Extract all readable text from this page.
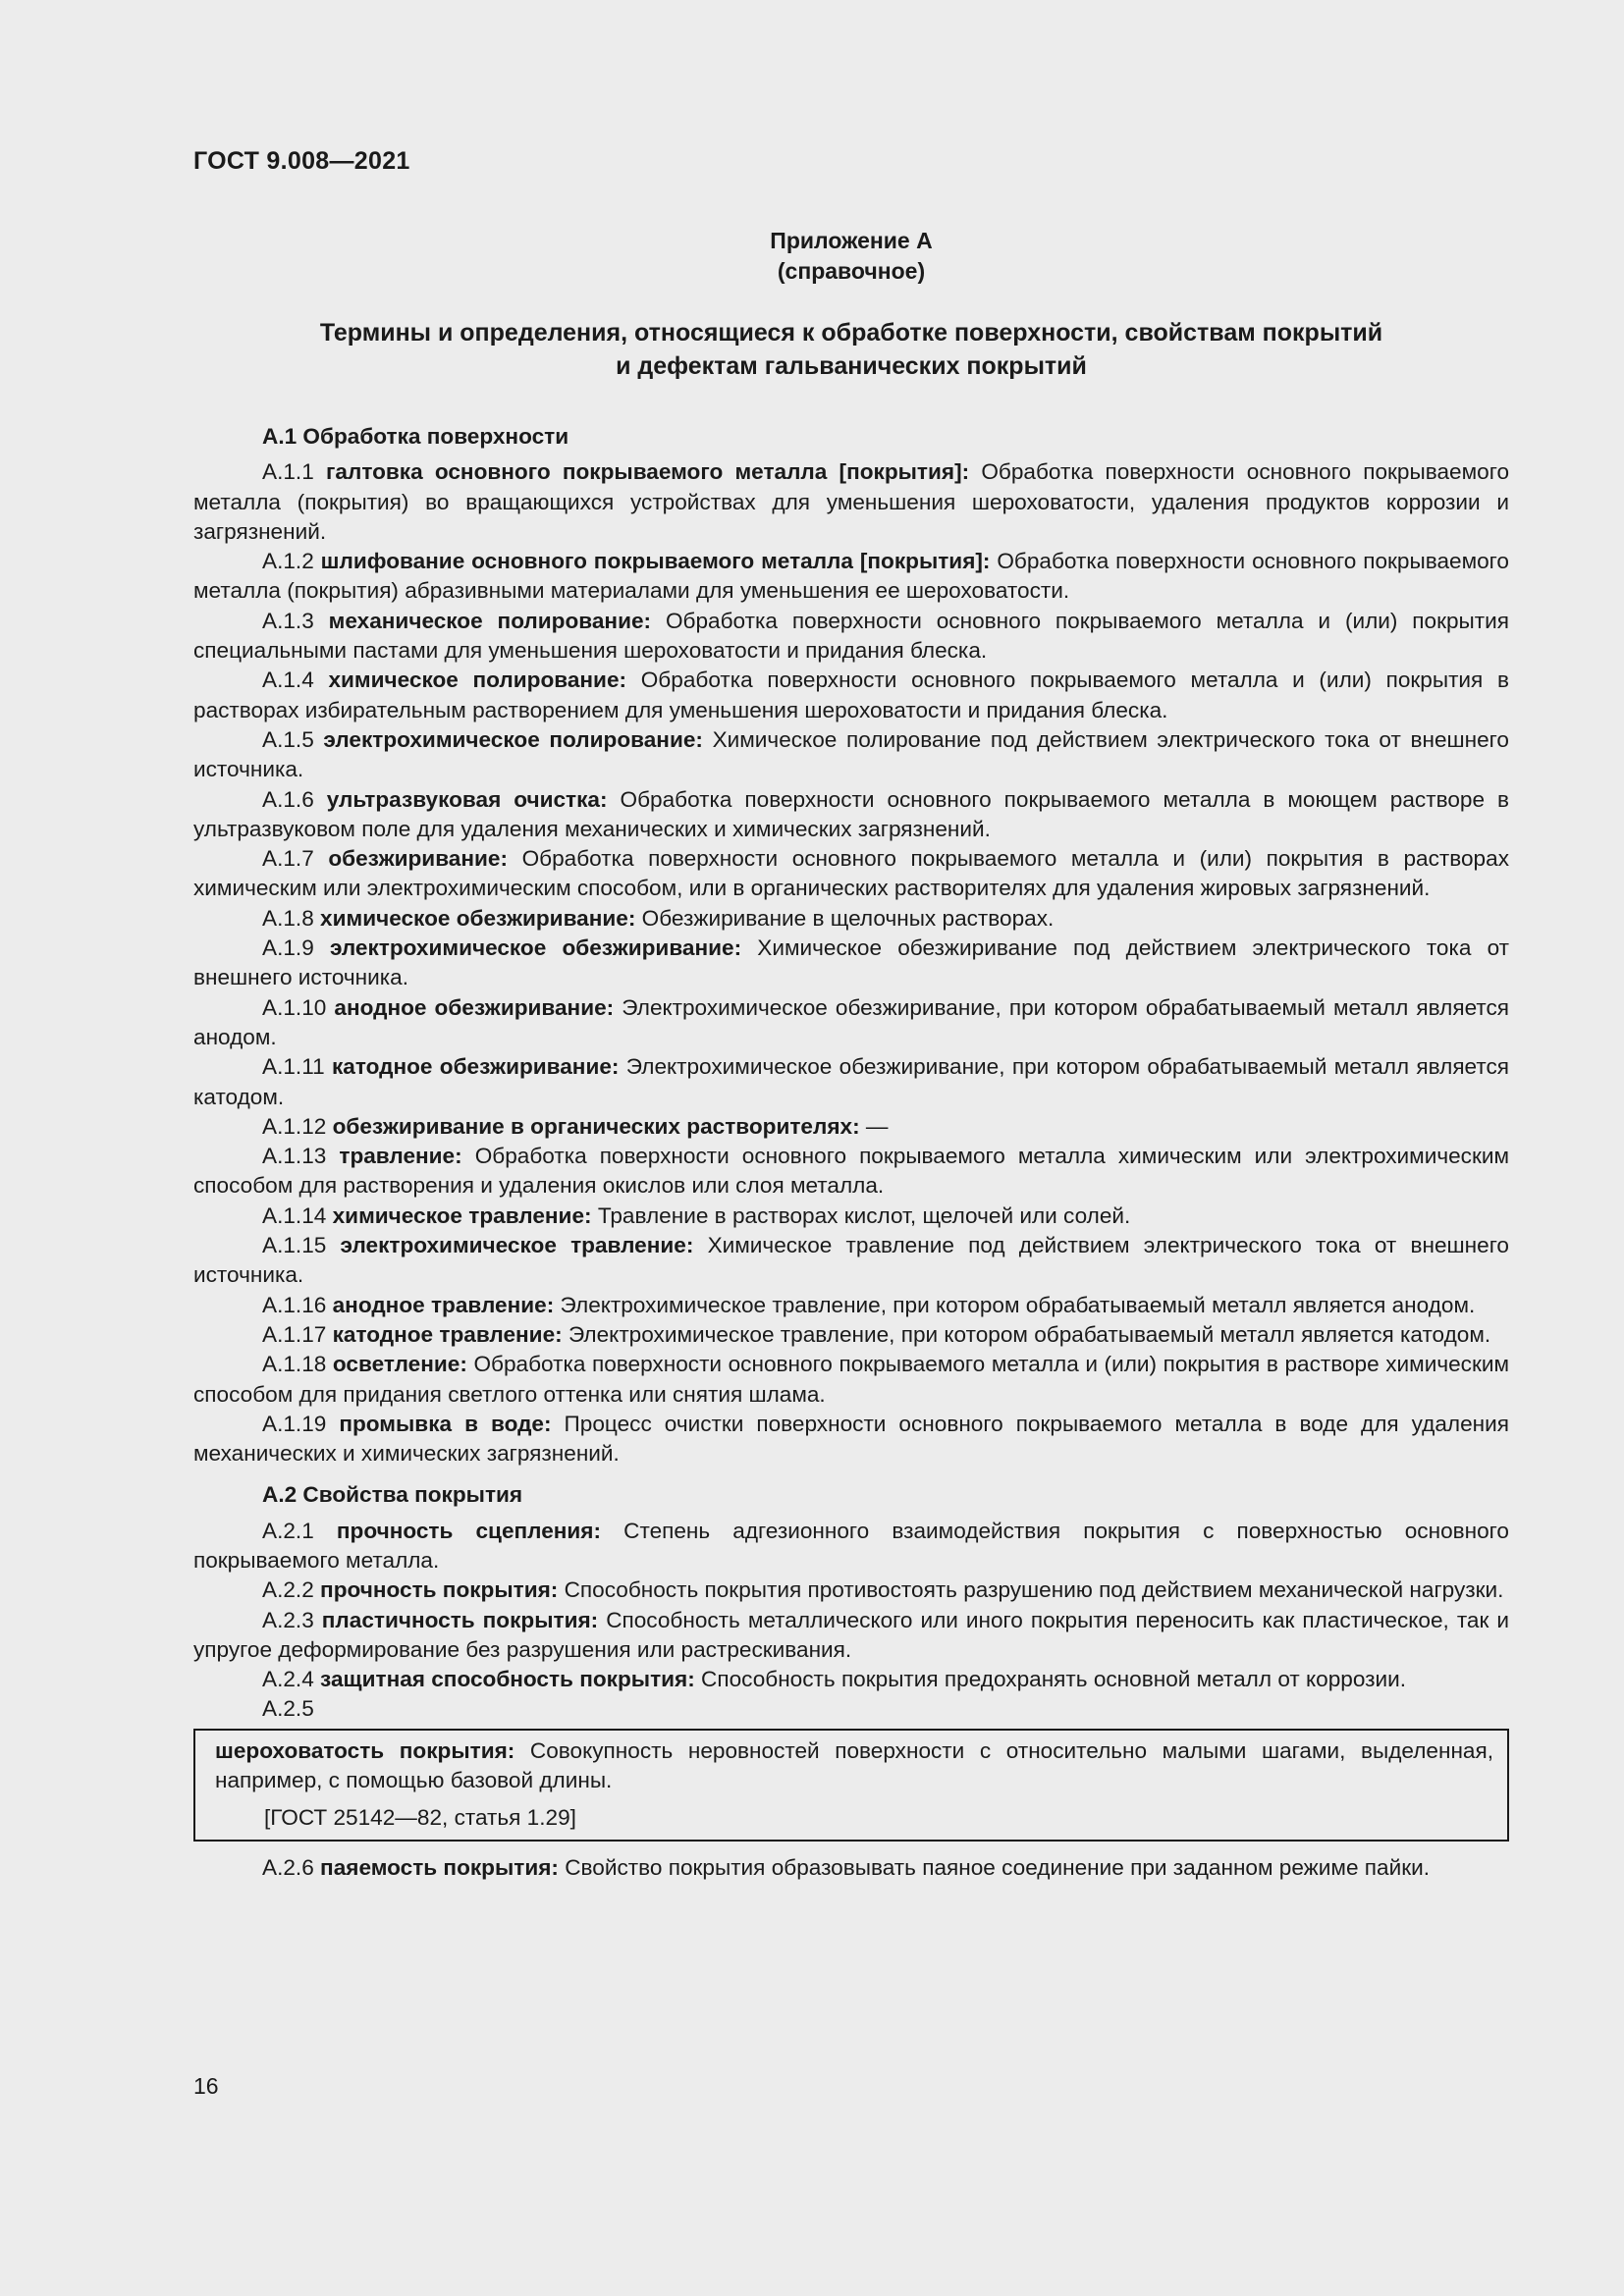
ГОСТ 9.008—2021
Приложение А
(справочное)
Термины и определения, относящиеся к обработке поверхности, свойствам покрытий
и дефектам гальванических покрытий
А.1 Обработка поверхности

А.1.1 галтовка основного покрываемого металла [покрытия]: Обработка поверхности основного покрываемого металла (покрытия) во вращающихся устройствах для уменьшения шероховатости, удаления продуктов коррозии и загрязнений.

А.1.2 шлифование основного покрываемого металла [покрытия]: Обработка поверхности основного покрываемого металла (покрытия) абразивными материалами для уменьшения ее шероховатости.

А.1.3 механическое полирование: Обработка поверхности основного покрываемого металла и (или) покрытия специальными пастами для уменьшения шероховатости и придания блеска.

А.1.4 химическое полирование: Обработка поверхности основного покрываемого металла и (или) покрытия в растворах избирательным растворением для уменьшения шероховатости и придания блеска.

А.1.5 электрохимическое полирование: Химическое полирование под действием электрического тока от внешнего источника.

А.1.6 ультразвуковая очистка: Обработка поверхности основного покрываемого металла в моющем растворе в ультразвуковом поле для удаления механических и химических загрязнений.

А.1.7 обезжиривание: Обработка поверхности основного покрываемого металла и (или) покрытия в растворах химическим или электрохимическим способом, или в органических растворителях для удаления жировых загрязнений.

А.1.8 химическое обезжиривание: Обезжиривание в щелочных растворах.

А.1.9 электрохимическое обезжиривание: Химическое обезжиривание под действием электрического тока от внешнего источника.

А.1.10 анодное обезжиривание: Электрохимическое обезжиривание, при котором обрабатываемый металл является анодом.

А.1.11 катодное обезжиривание: Электрохимическое обезжиривание, при котором обрабатываемый металл является катодом.

А.1.12 обезжиривание в органических растворителях: —

А.1.13 травление: Обработка поверхности основного покрываемого металла химическим или электрохимическим способом для растворения и удаления окислов или слоя металла.

А.1.14 химическое травление: Травление в растворах кислот, щелочей или солей.

А.1.15 электрохимическое травление: Химическое травление под действием электрического тока от внешнего источника.

А.1.16 анодное травление: Электрохимическое травление, при котором обрабатываемый металл является анодом.

А.1.17 катодное травление: Электрохимическое травление, при котором обрабатываемый металл является катодом.

А.1.18 осветление: Обработка поверхности основного покрываемого металла и (или) покрытия в растворе химическим способом для придания светлого оттенка или снятия шлама.

А.1.19 промывка в воде: Процесс очистки поверхности основного покрываемого металла в воде для удаления механических и химических загрязнений.

А.2 Свойства покрытия

А.2.1 прочность сцепления: Степень адгезионного взаимодействия покрытия с поверхностью основного покрываемого металла.

А.2.2 прочность покрытия: Способность покрытия противостоять разрушению под действием механической нагрузки.

А.2.3 пластичность покрытия: Способность металлического или иного покрытия переносить как пластическое, так и упругое деформирование без разрушения или растрескивания.

А.2.4 защитная способность покрытия: Способность покрытия предохранять основной металл от коррозии.

А.2.5
шероховатость покрытия: Совокупность неровностей поверхности с относительно малыми шагами, выделенная, например, с помощью базовой длины.
[ГОСТ 25142—82, статья 1.29]

А.2.6 паяемость покрытия: Свойство покрытия образовывать паяное соединение при заданном режиме пайки.

16
